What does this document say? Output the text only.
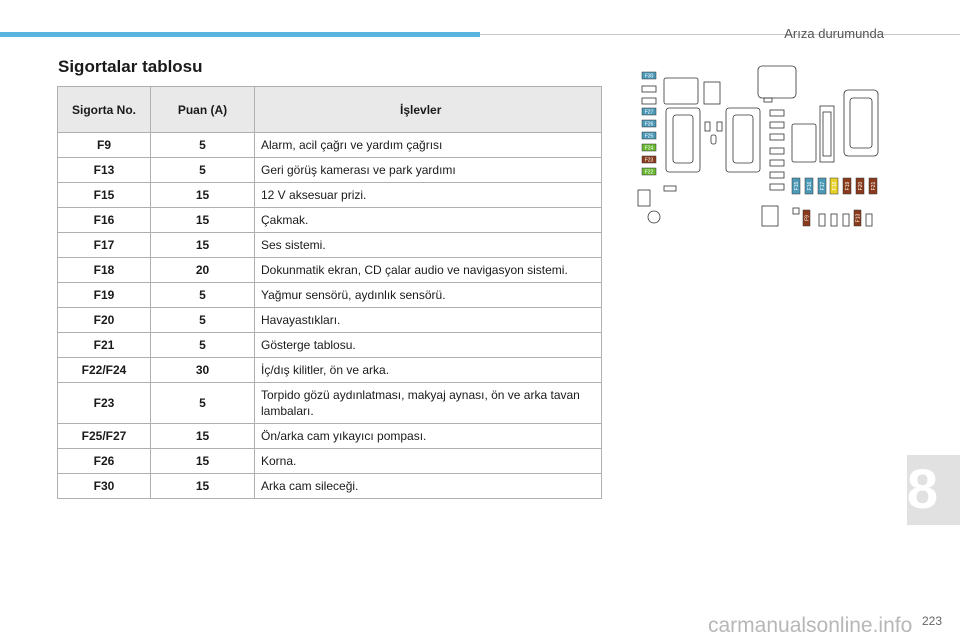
Arıza durumunda
Sigortalar tablosu
Sigorta No.	Puan (A)	İşlevler
F9	5	Alarm, acil çağrı ve yardım çağrısı
F13	5	Geri görüş kamerası ve park yardımı
F15	15	12 V aksesuar prizi.
F16	15	Çakmak.
F17	15	Ses sistemi.
F18	20	Dokunmatik ekran, CD çalar audio ve navigasyon sistemi.
F19	5	Yağmur sensörü, aydınlık sensörü.
F20	5	Havayastıkları.
F21	5	Gösterge tablosu.
F22/F24	30	İç/dış kilitler, ön ve arka.
F23	5	Torpido gözü aydınlatması, makyaj aynası, ön ve arka tavan lambaları.
F25/F27	15	Ön/arka cam yıkayıcı pompası.
F26	15	Korna.
F30	15	Arka cam sileceği.
F30
F27
F26
F25
F24
F23
F22
F15 F16 F17 F18 F19 F20 F21
F9	F13
8
carmanualsonline.info 223
